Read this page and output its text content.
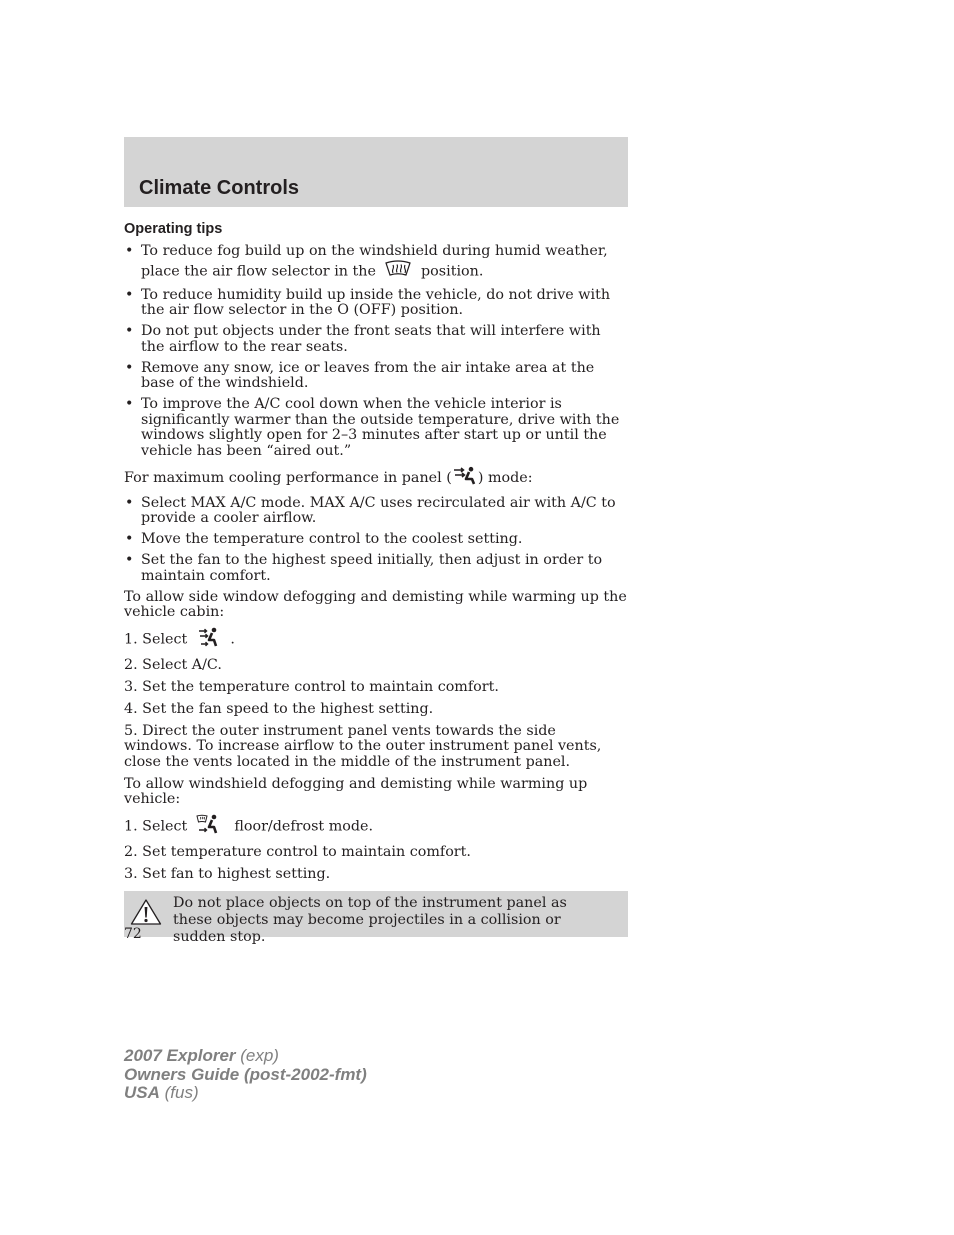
Climate Controls
Operating tips
• To reduce fog build up on the windshield during humid weather, place the air flow selector in the	position.
• To reduce humidity build up inside the vehicle, do not drive with the air flow selector in the O (OFF) position.
• Do not put objects under the front seats that will interfere with the airflow to the rear seats.
• Remove any snow, ice or leaves from the air intake area at the base of the windshield.
• To improve the A/C cool down when the vehicle interior is significantly warmer than the outside temperature, drive with the windows slightly open for 2–3 minutes after start up or until the vehicle has been “aired out.”

For maximum cooling performance in panel ( ) mode:

• Select MAX A/C mode. MAX A/C uses recirculated air with A/C to provide a cooler airflow.
• Move the temperature control to the coolest setting.
• Set the fan to the highest speed initially, then adjust in order to maintain comfort.

To allow side window defogging and demisting while warming up the vehicle cabin:

1. Select  .

2. Select A/C.

3. Set the temperature control to maintain comfort.

4. Set the fan speed to the highest setting.

5. Direct the outer instrument panel vents towards the side windows. To increase airflow to the outer instrument panel vents, close the vents located in the middle of the instrument panel.

To allow windshield defogging and demisting while warming up vehicle:

1. Select	floor/defrost mode.

2. Set temperature control to maintain comfort.

3. Set fan to highest setting.

Do not place objects on top of the instrument panel as these objects may become projectiles in a collision or sudden stop.
72
2007 Explorer (exp)
Owners Guide (post-2002-fmt)
USA (fus)
